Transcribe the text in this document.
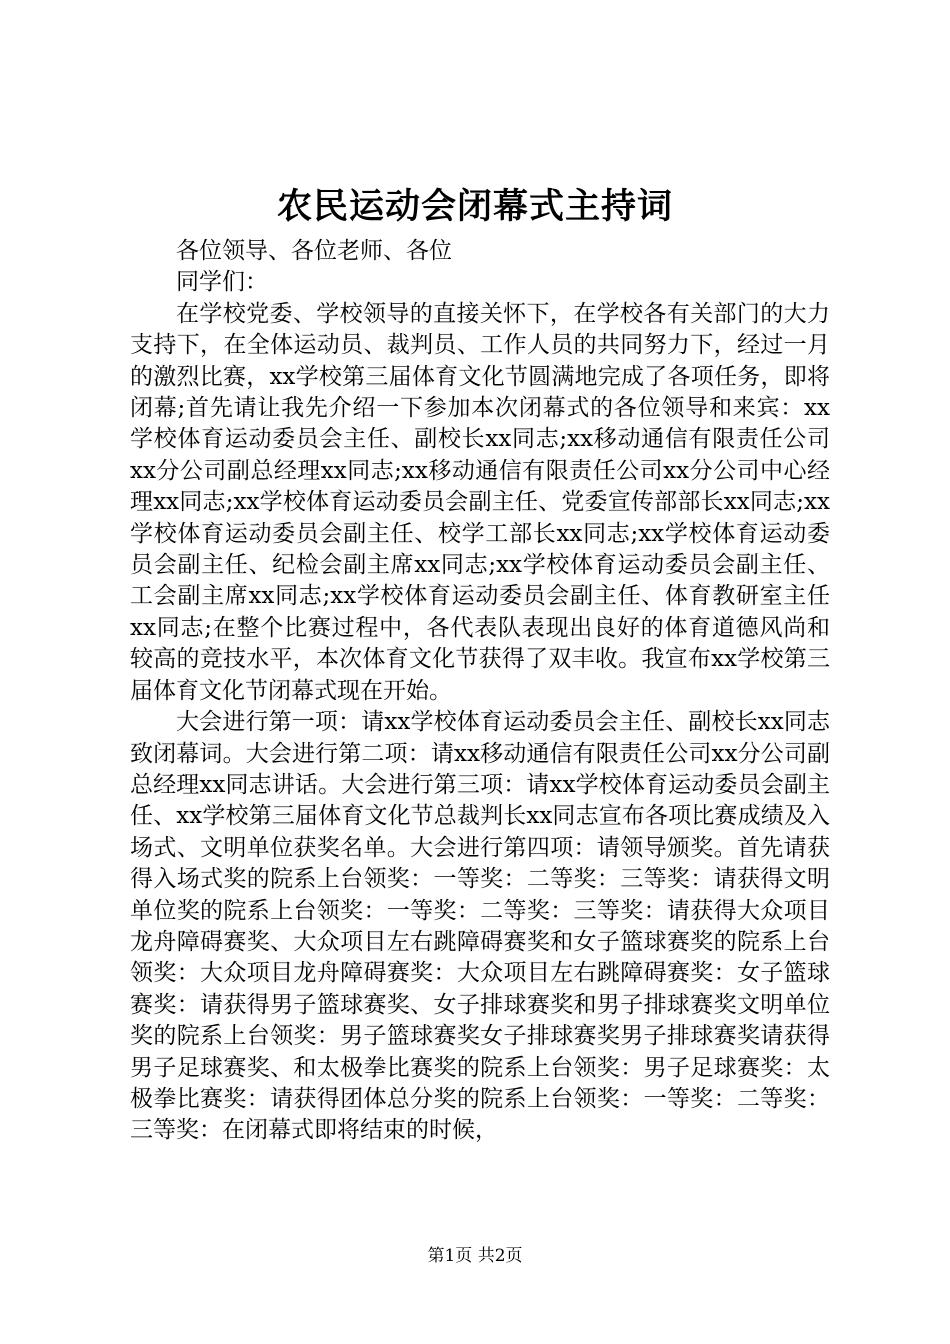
农民运动会闭幕式主持词

各位领导、各位老师、各位

同学们：

在学校党委、学校领导的直接关怀下，在学校各有关部门的大力支持下，在全体运动员、裁判员、工作人员的共同努力下，经过一月的激烈比赛，xx学校第三届体育文化节圆满地完成了各项任务，即将闭幕;首先请让我先介绍一下参加本次闭幕式的各位领导和来宾：xx学校体育运动委员会主任、副校长xx同志;xx移动通信有限责任公司xx分公司副总经理xx同志;xx移动通信有限责任公司xx分公司中心经理xx同志;xx学校体育运动委员会副主任、党委宣传部部长xx同志;xx学校体育运动委员会副主任、校学工部长xx同志;xx学校体育运动委员会副主任、纪检会副主席xx同志;xx学校体育运动委员会副主任、工会副主席xx同志;xx学校体育运动委员会副主任、体育教研室主任xx同志;在整个比赛过程中，各代表队表现出良好的体育道德风尚和较高的竞技水平，本次体育文化节获得了双丰收。我宣布xx学校第三届体育文化节闭幕式现在开始。

大会进行第一项：请xx学校体育运动委员会主任、副校长xx同志致闭幕词。大会进行第二项：请xx移动通信有限责任公司xx分公司副总经理xx同志讲话。大会进行第三项：请xx学校体育运动委员会副主任、xx学校第三届体育文化节总裁判长xx同志宣布各项比赛成绩及入场式、文明单位获奖名单。大会进行第四项：请领导颁奖。首先请获得入场式奖的院系上台领奖：一等奖：二等奖：三等奖：请获得文明单位奖的院系上台领奖：一等奖：二等奖：三等奖：请获得大众项目龙舟障碍赛奖、大众项目左右跳障碍赛奖和女子篮球赛奖的院系上台领奖：大众项目龙舟障碍赛奖：大众项目左右跳障碍赛奖：女子篮球赛奖：请获得男子篮球赛奖、女子排球赛奖和男子排球赛奖文明单位奖的院系上台领奖：男子篮球赛奖女子排球赛奖男子排球赛奖请获得男子足球赛奖、和太极拳比赛奖的院系上台领奖：男子足球赛奖：太极拳比赛奖：请获得团体总分奖的院系上台领奖：一等奖：二等奖：三等奖：在闭幕式即将结束的时候，

第1页 共2页
